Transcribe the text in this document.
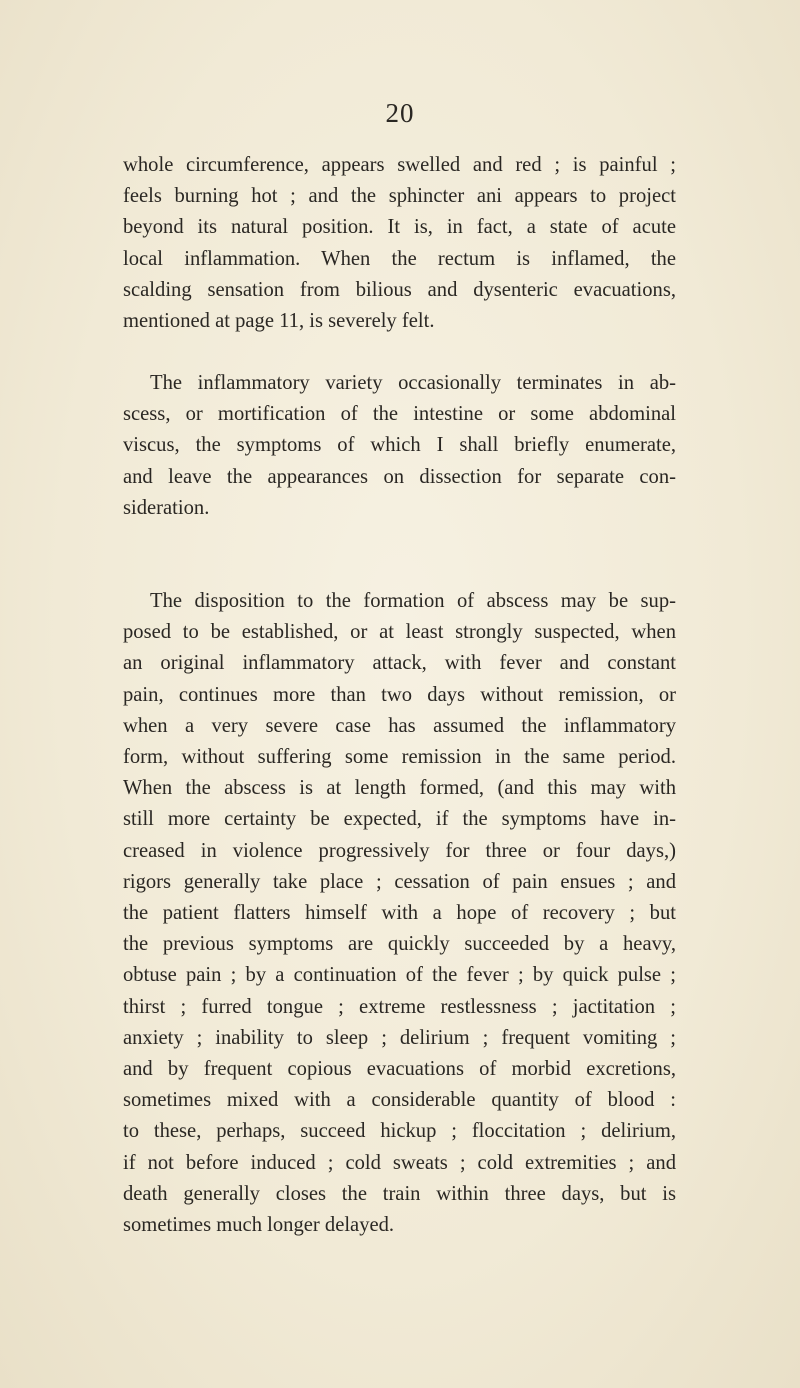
20

whole circumference, appears swelled and red ; is painful ;
feels burning hot ; and the sphincter ani appears to project
beyond its natural position. It is, in fact, a state of acute
local inflammation. When the rectum is inflamed, the
scalding sensation from bilious and dysenteric evacuations,
mentioned at page 11, is severely felt.

The inflammatory variety occasionally terminates in ab-
scess, or mortification of the intestine or some abdominal
viscus, the symptoms of which I shall briefly enumerate,
and leave the appearances on dissection for separate con-
sideration.

The disposition to the formation of abscess may be sup-
posed to be established, or at least strongly suspected, when
an original inflammatory attack, with fever and constant
pain, continues more than two days without remission, or
when a very severe case has assumed the inflammatory
form, without suffering some remission in the same period.
When the abscess is at length formed, (and this may with
still more certainty be expected, if the symptoms have in-
creased in violence progressively for three or four days,)
rigors generally take place ; cessation of pain ensues ; and
the patient flatters himself with a hope of recovery ; but
the previous symptoms are quickly succeeded by a heavy,
obtuse pain ; by a continuation of the fever ; by quick pulse ;
thirst ; furred tongue ; extreme restlessness ; jactitation ;
anxiety ; inability to sleep ; delirium ; frequent vomiting ;
and by frequent copious evacuations of morbid excretions,
sometimes mixed with a considerable quantity of blood :
to these, perhaps, succeed hickup ; floccitation ; delirium,
if not before induced ; cold sweats ; cold extremities ; and
death generally closes the train within three days, but is
sometimes much longer delayed.
